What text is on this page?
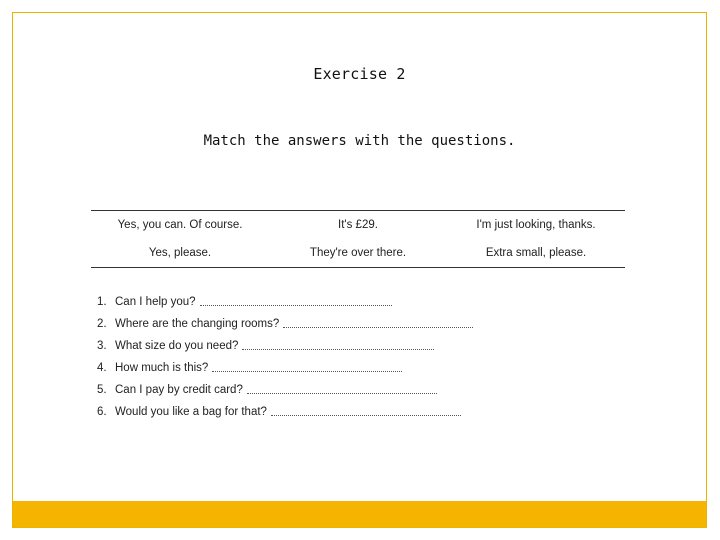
Exercise 2
Match the answers with the questions.
Yes, you can. Of course.	It's £29.	I'm just looking, thanks.
Yes, please.	They're over there.	Extra small, please.
1. Can I help you?
2. Where are the changing rooms?
3. What size do you need?
4. How much is this?
5. Can I pay by credit card?
6. Would you like a bag for that?
